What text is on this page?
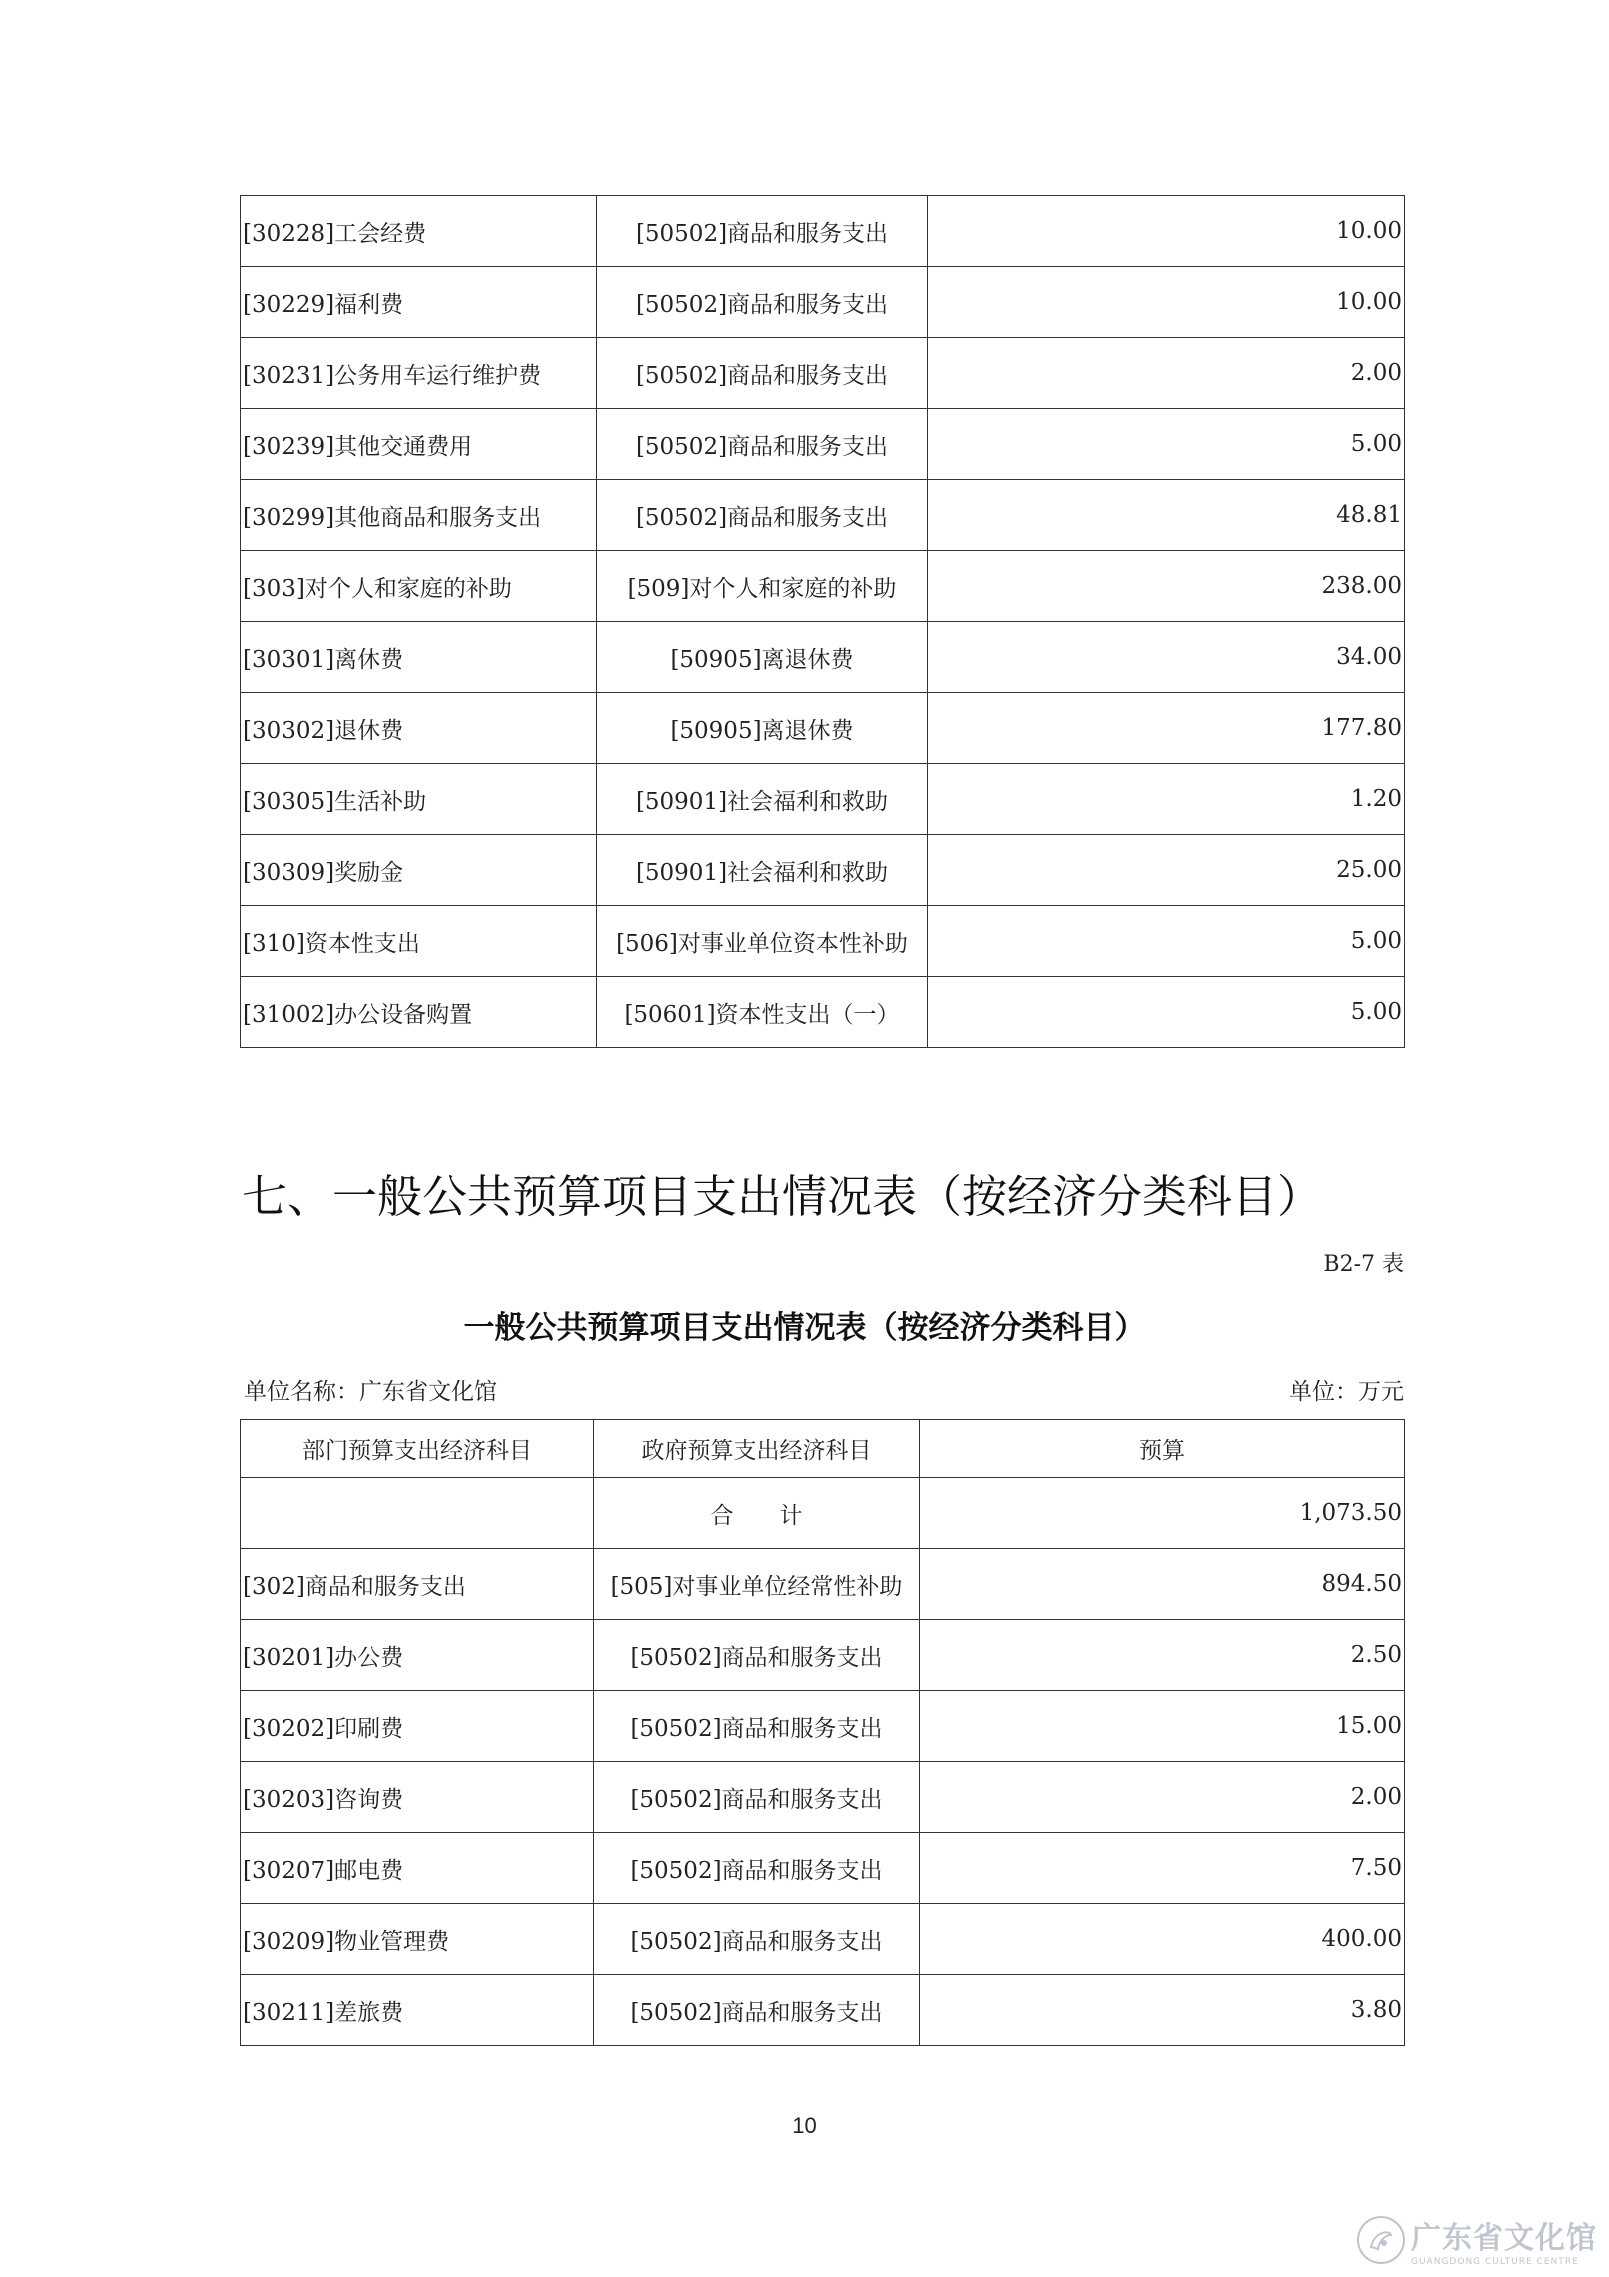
[30228]工会经费	[50502]商品和服务支出	10.00
[30229]福利费	[50502]商品和服务支出	10.00
[30231]公务用车运行维护费	[50502]商品和服务支出	2.00
[30239]其他交通费用	[50502]商品和服务支出	5.00
[30299]其他商品和服务支出	[50502]商品和服务支出	48.81
[303]对个人和家庭的补助	[509]对个人和家庭的补助	238.00
[30301]离休费	[50905]离退休费	34.00
[30302]退休费	[50905]离退休费	177.80
[30305]生活补助	[50901]社会福利和救助	1.20
[30309]奖励金	[50901]社会福利和救助	25.00
[310]资本性支出	[506]对事业单位资本性补助	5.00
[31002]办公设备购置	[50601]资本性支出（一）	5.00
七、一般公共预算项目支出情况表（按经济分类科目）
B2-7 表
一般公共预算项目支出情况表（按经济分类科目）
单位名称：广东省文化馆	单位：万元
部门预算支出经济科目	政府预算支出经济科目	预算
	合 计	1,073.50
[302]商品和服务支出	[505]对事业单位经常性补助	894.50
[30201]办公费	[50502]商品和服务支出	2.50
[30202]印刷费	[50502]商品和服务支出	15.00
[30203]咨询费	[50502]商品和服务支出	2.00
[30207]邮电费	[50502]商品和服务支出	7.50
[30209]物业管理费	[50502]商品和服务支出	400.00
[30211]差旅费	[50502]商品和服务支出	3.80
10
广东省文化馆
GUANGDONG CULTURE CENTRE
